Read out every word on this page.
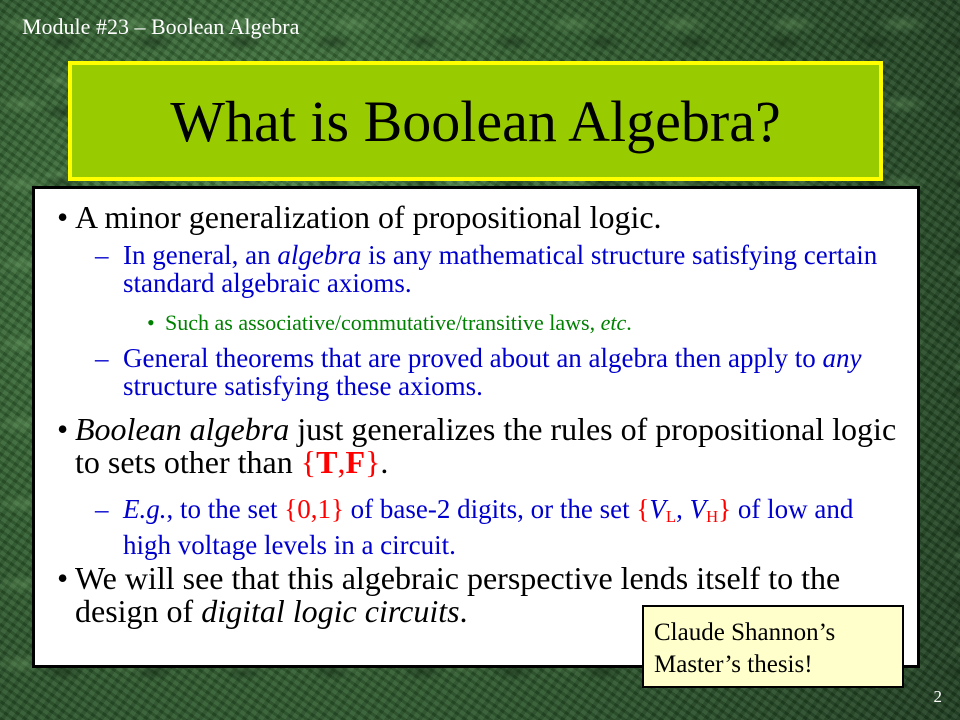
Module #23 – Boolean Algebra
What is Boolean Algebra?
• A minor generalization of propositional logic.
– In general, an algebra is any mathematical structure satisfying certain standard algebraic axioms.
• Such as associative/commutative/transitive laws, etc.
– General theorems that are proved about an algebra then apply to any structure satisfying these axioms.
• Boolean algebra just generalizes the rules of propositional logic to sets other than {T,F}.
– E.g., to the set {0,1} of base-2 digits, or the set {$V_L$, $V_H$} of low and high voltage levels in a circuit.
• We will see that this algebraic perspective lends itself to the design of digital logic circuits.
Claude Shannon’s
Master’s thesis!
2
